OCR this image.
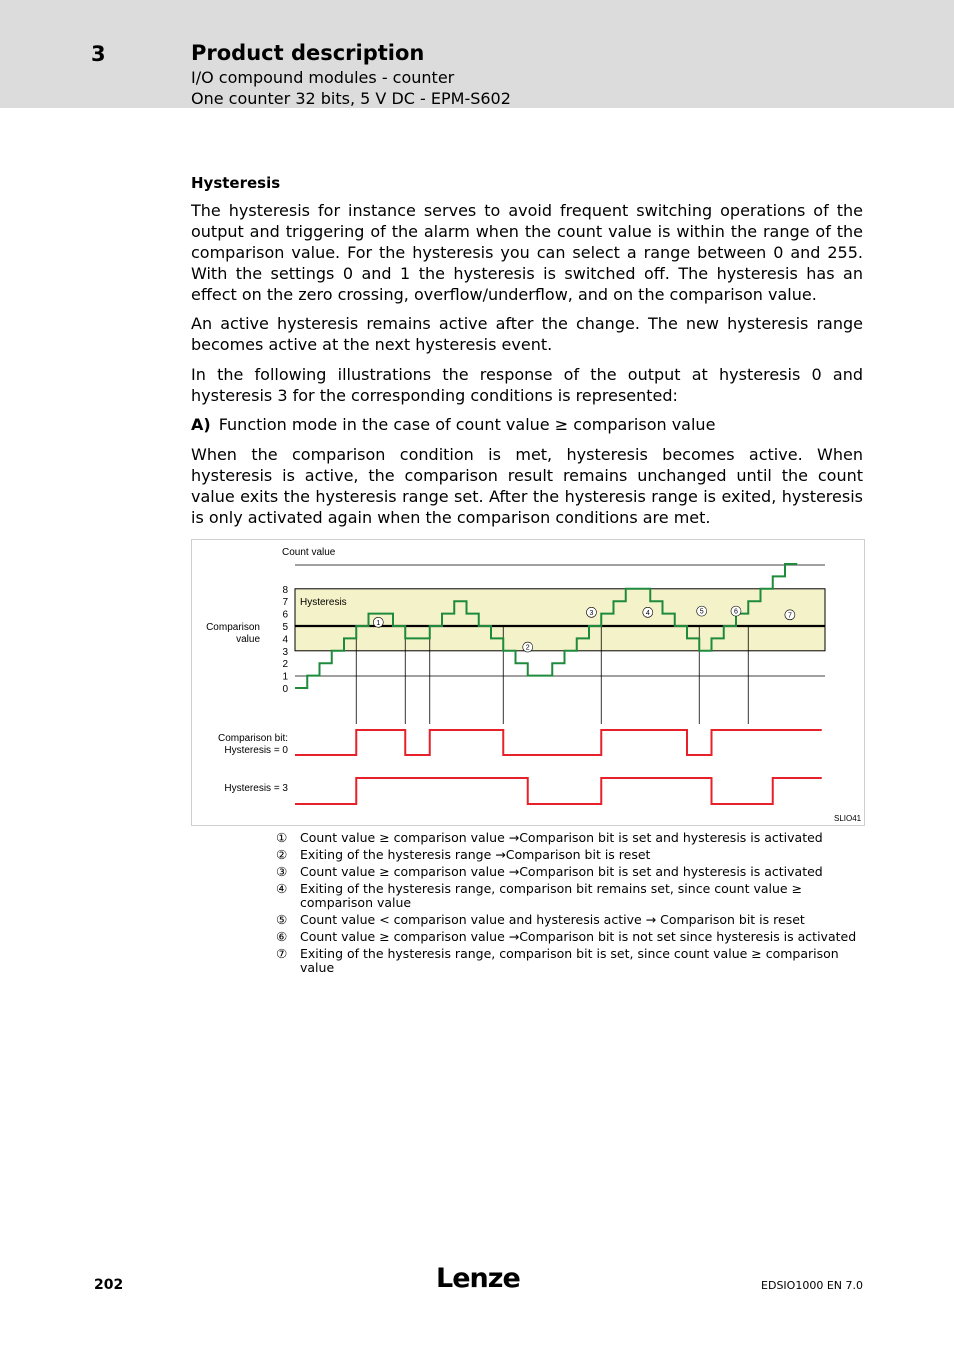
3	Product description
I/O compound modules - counter
One counter 32 bits, 5 V DC - EPM-S602
Hysteresis
The hysteresis for instance serves to avoid frequent switching operations of the output and triggering of the alarm when the count value is within the range of the comparison value. For the hysteresis you can select a range between 0 and 255. With the settings 0 and 1 the hysteresis is switched off. The hysteresis has an effect on the zero crossing, overflow/underflow, and on the comparison value.
An active hysteresis remains active after the change. The new hysteresis range becomes active at the next hysteresis event.
In the following illustrations the response of the output at hysteresis 0 and hysteresis 3 for the corresponding conditions is represented:
A) Function mode in the case of count value ≥ comparison value
When the comparison condition is met, hysteresis becomes active. When hysteresis is active, the comparison result remains unchanged until the count value exits the hysteresis range set. After the hysteresis range is exited, hysteresis is only activated again when the comparison conditions are met.
Count value
Comparison
value
Hysteresis
Comparison bit:
Hysteresis = 0
Hysteresis = 3
SLIO41
8
7
6
5
4
3
2
1
0
1
2
3	4	5	6
7
① Count value ≥ comparison value →Comparison bit is set and hysteresis is activated
② Exiting of the hysteresis range →Comparison bit is reset
③ Count value ≥ comparison value →Comparison bit is set and hysteresis is activated
④ Exiting of the hysteresis range, comparison bit remains set, since count value ≥ comparison value
⑤ Count value < comparison value and hysteresis active → Comparison bit is reset
⑥ Count value ≥ comparison value →Comparison bit is not set since hysteresis is activated
⑦ Exiting of the hysteresis range, comparison bit is set, since count value ≥ comparison value
202	Lenze	EDSIO1000 EN 7.0
